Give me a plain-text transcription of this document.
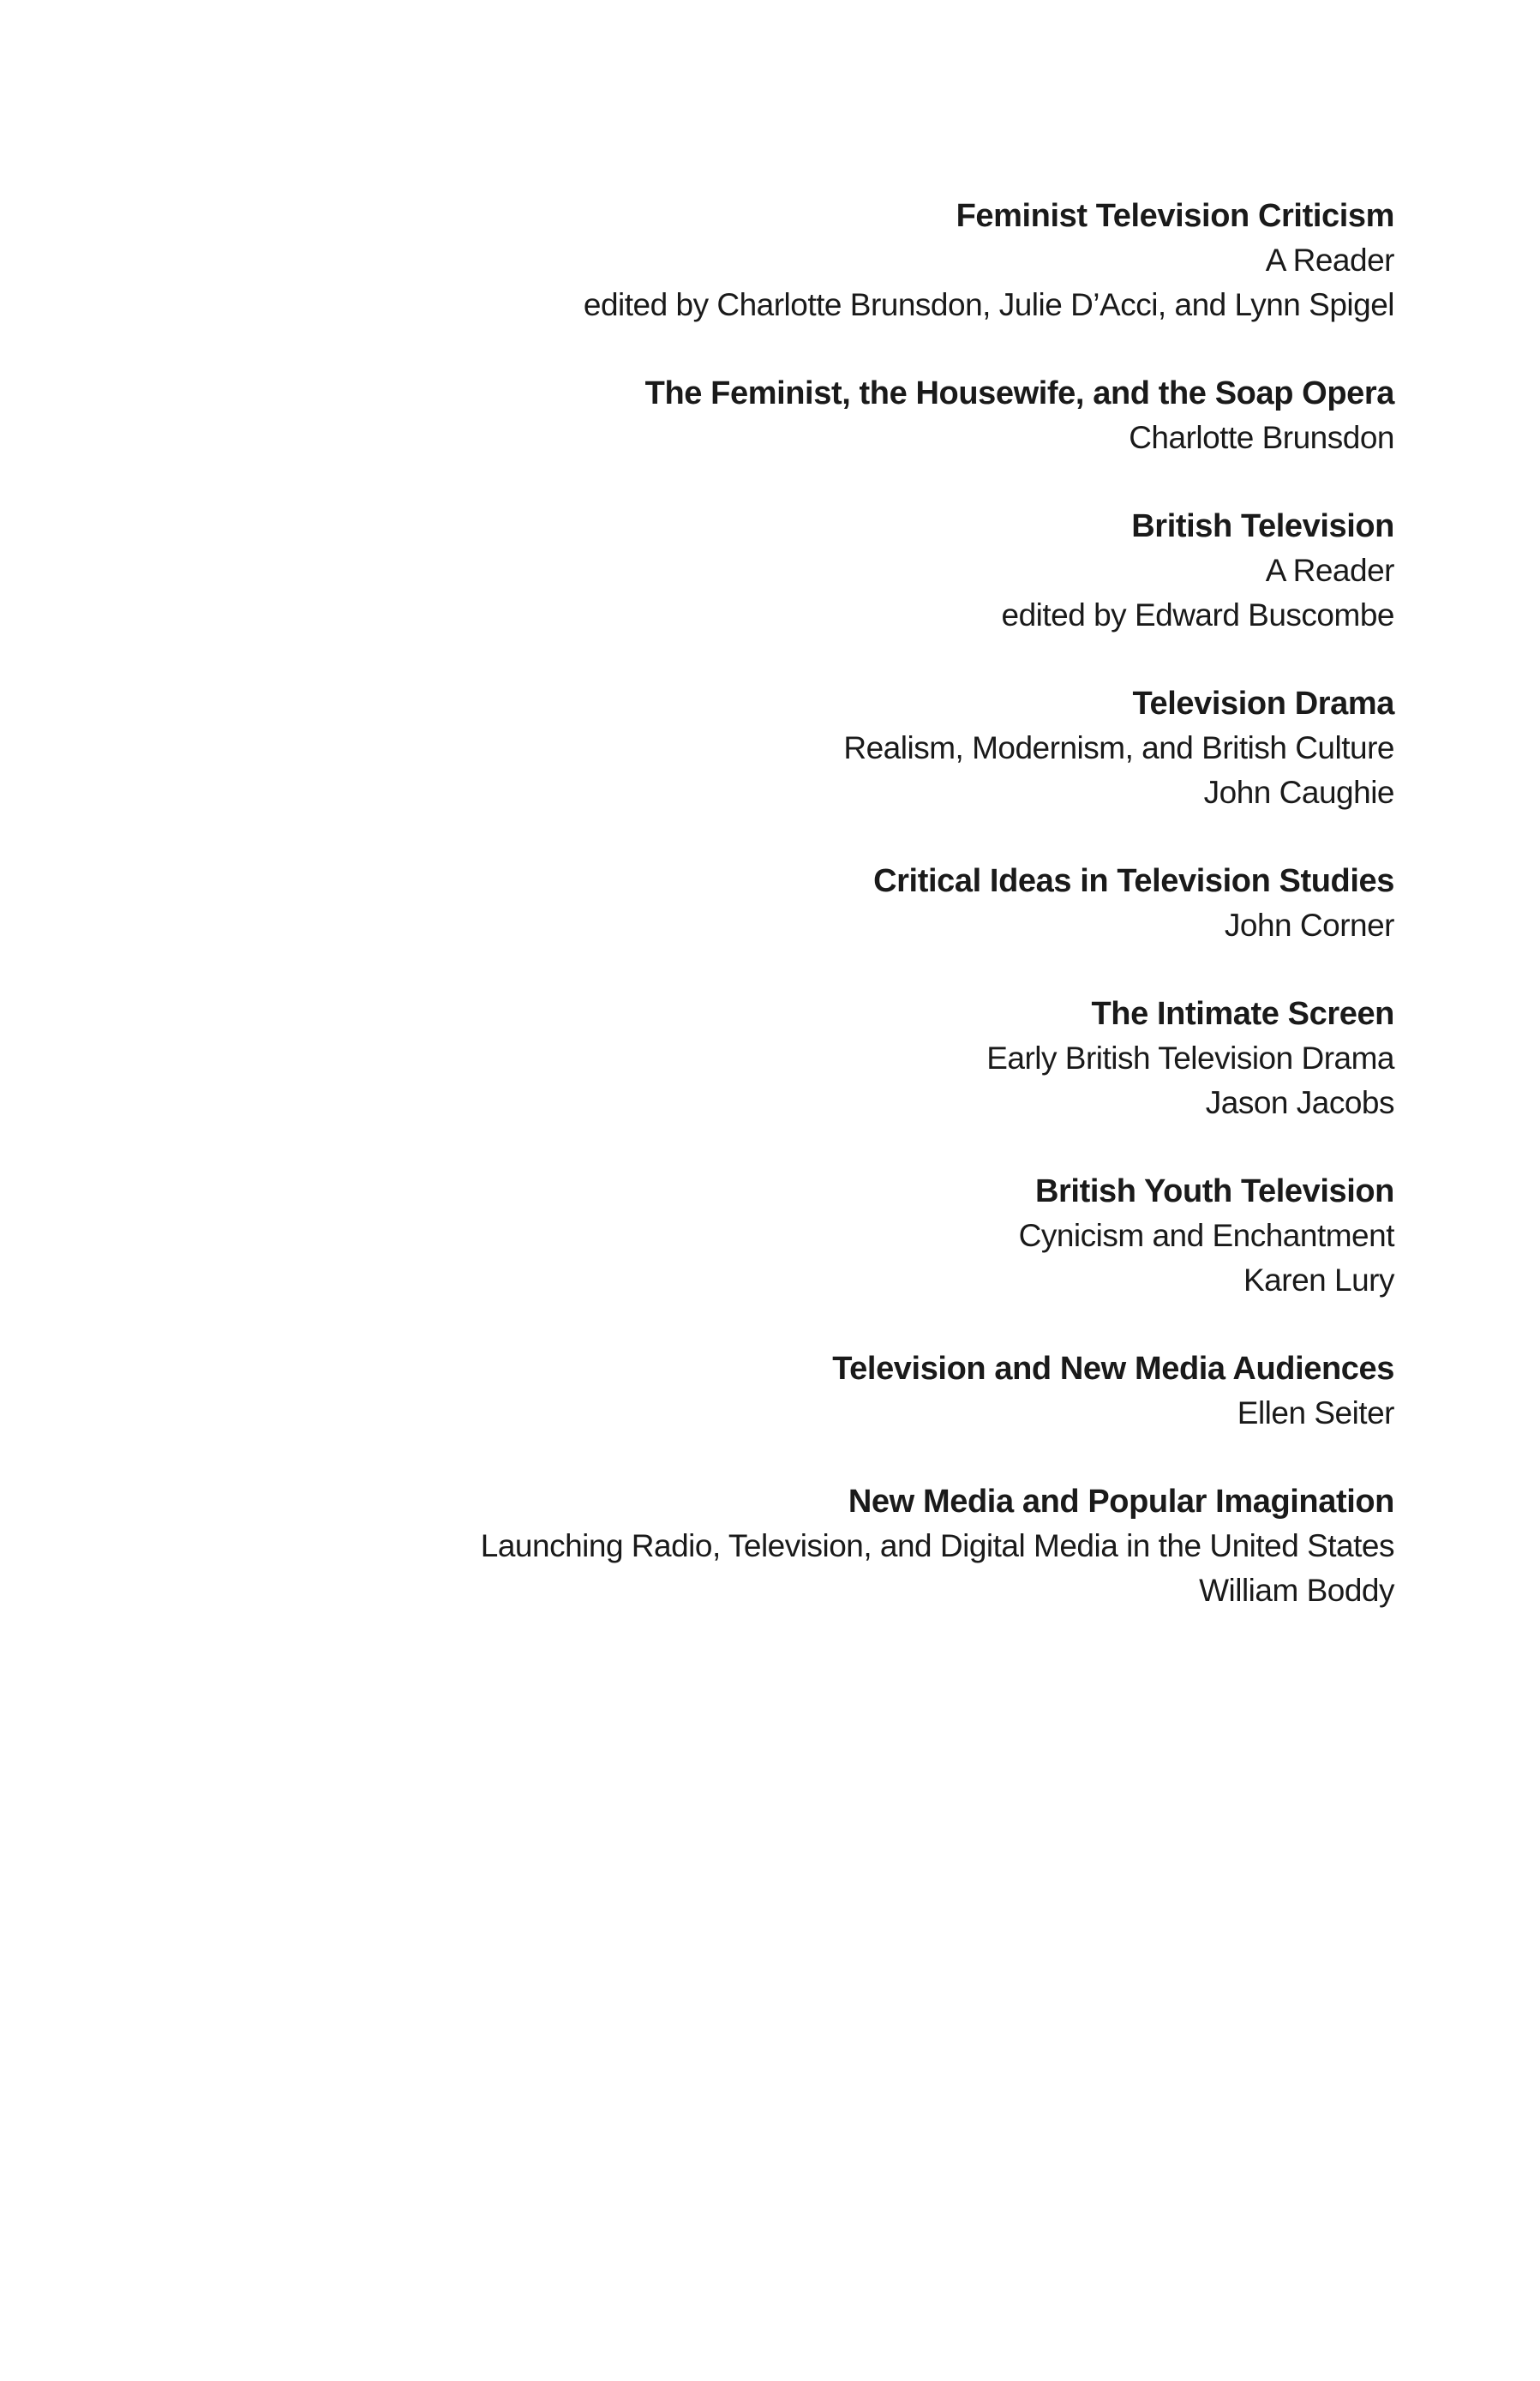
Feminist Television Criticism
A Reader
edited by Charlotte Brunsdon, Julie D’Acci, and Lynn Spigel
The Feminist, the Housewife, and the Soap Opera
Charlotte Brunsdon
British Television
A Reader
edited by Edward Buscombe
Television Drama
Realism, Modernism, and British Culture
John Caughie
Critical Ideas in Television Studies
John Corner
The Intimate Screen
Early British Television Drama
Jason Jacobs
British Youth Television
Cynicism and Enchantment
Karen Lury
Television and New Media Audiences
Ellen Seiter
New Media and Popular Imagination
Launching Radio, Television, and Digital Media in the United States
William Boddy
